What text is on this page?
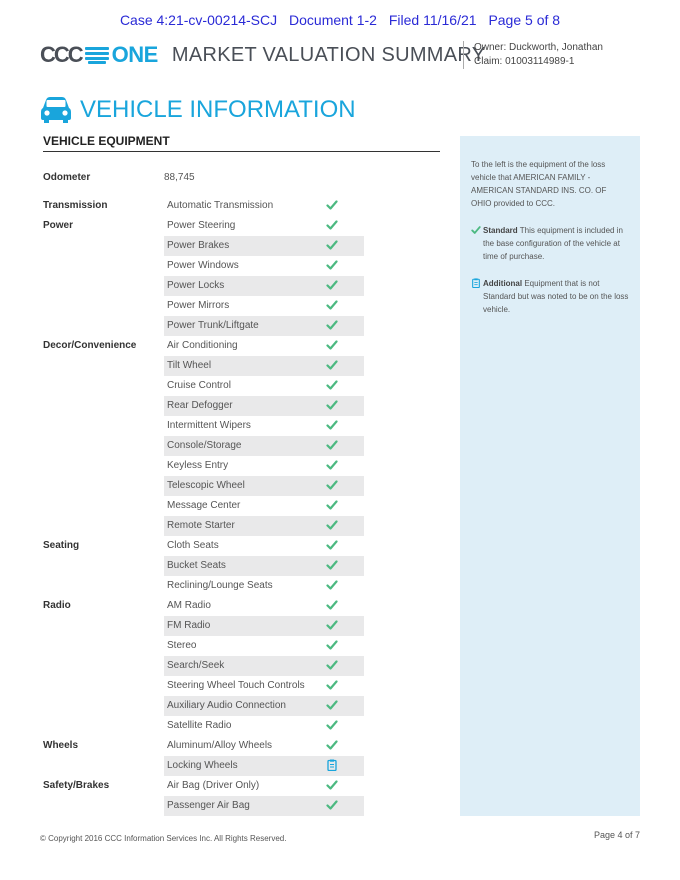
Case 4:21-cv-00214-SCJ Document 1-2 Filed 11/16/21 Page 5 of 8
CCC ONE MARKET VALUATION SUMMARY
Owner: Duckworth, Jonathan
Claim: 01003114989-1
VEHICLE INFORMATION
VEHICLE EQUIPMENT
Odometer	88,745
Transmission	Automatic Transmission
Power	Power Steering
Power Brakes
Power Windows
Power Locks
Power Mirrors
Power Trunk/Liftgate
Decor/Convenience	Air Conditioning
Tilt Wheel
Cruise Control
Rear Defogger
Intermittent Wipers
Console/Storage
Keyless Entry
Telescopic Wheel
Message Center
Remote Starter
Seating	Cloth Seats
Bucket Seats
Reclining/Lounge Seats
Radio	AM Radio
FM Radio
Stereo
Search/Seek
Steering Wheel Touch Controls
Auxiliary Audio Connection
Satellite Radio
Wheels	Aluminum/Alloy Wheels
Locking Wheels
Safety/Brakes	Air Bag (Driver Only)
Passenger Air Bag
To the left is the equipment of the loss vehicle that AMERICAN FAMILY - AMERICAN STANDARD INS. CO. OF OHIO provided to CCC.
Standard This equipment is included in the base configuration of the vehicle at time of purchase.
Additional Equipment that is not Standard but was noted to be on the loss vehicle.
© Copyright 2016 CCC Information Services Inc. All Rights Reserved.	Page 4 of 7
